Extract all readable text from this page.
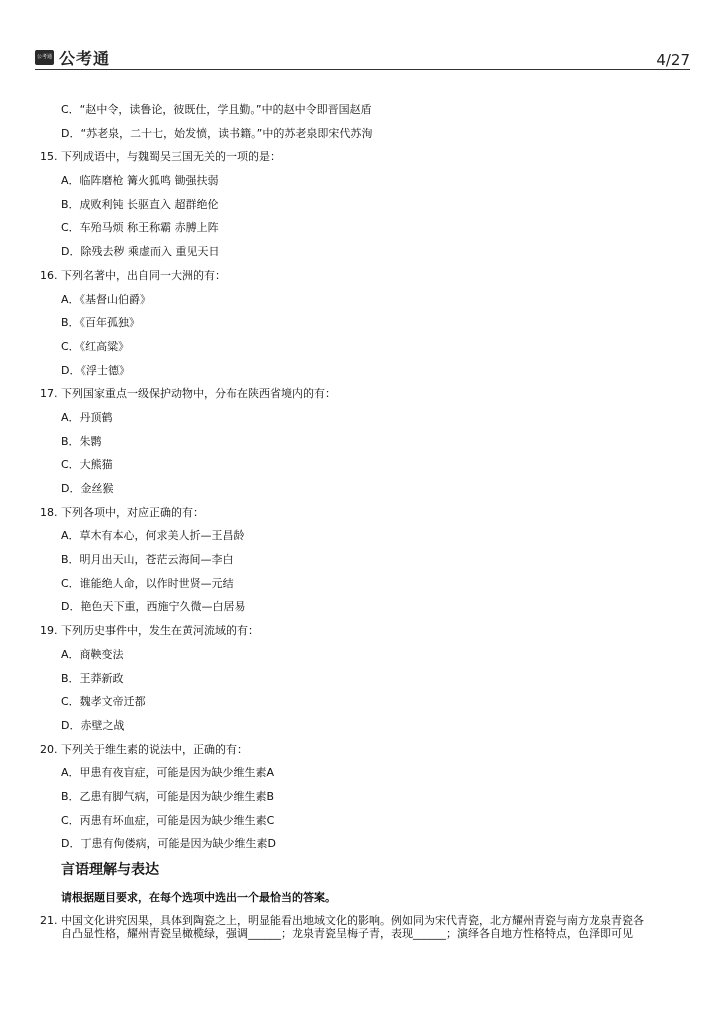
公考通 公考通	4/27
C．“赵中令，读鲁论，彼既仕，学且勤。”中的赵中令即晋国赵盾
D．“苏老泉，二十七，始发愤，读书籍。”中的苏老泉即宋代苏洵
15. 下列成语中，与魏蜀吴三国无关的一项的是：
A．临阵磨枪 篝火狐鸣 锄强扶弱
B．成败利钝 长驱直入 超群绝伦
C．车殆马烦 称王称霸 赤膊上阵
D．除残去秽 乘虚而入 重见天日
16. 下列名著中，出自同一大洲的有：
A．《基督山伯爵》
B．《百年孤独》
C．《红高粱》
D．《浮士德》
17. 下列国家重点一级保护动物中，分布在陕西省境内的有：
A．丹顶鹤
B．朱鹮
C．大熊猫
D．金丝猴
18. 下列各项中，对应正确的有：
A．草木有本心，何求美人折—王昌龄
B．明月出天山，苍茫云海间—李白
C．谁能绝人命，以作时世贤—元结
D．艳色天下重，西施宁久微—白居易
19. 下列历史事件中，发生在黄河流域的有：
A．商鞅变法
B．王莽新政
C．魏孝文帝迁都
D．赤壁之战
20. 下列关于维生素的说法中，正确的有：
A．甲患有夜盲症，可能是因为缺少维生素A
B．乙患有脚气病，可能是因为缺少维生素B
C．丙患有坏血症，可能是因为缺少维生素C
D．丁患有佝偻病，可能是因为缺少维生素D
言语理解与表达
请根据题目要求，在每个选项中选出一个最恰当的答案。
21. 中国文化讲究因果，具体到陶瓷之上，明显能看出地域文化的影响。例如同为宋代青瓷，北方耀州青瓷与南方龙泉青瓷各
自凸显性格，耀州青瓷呈橄榄绿，强调______；龙泉青瓷呈梅子青，表现______；演绎各自地方性格特点，色泽即可见
